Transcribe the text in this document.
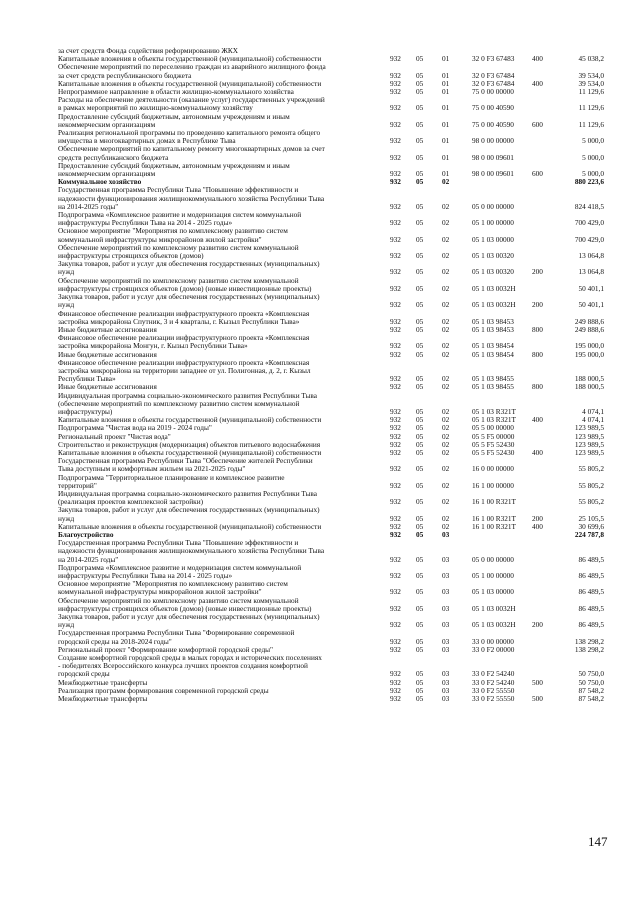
за счет средств Фонда содействия реформированию ЖКХ						
Капитальные вложения в объекты государственной (муниципальной) собственности	932	05	01	32 0 F3 67483	400	45 038,2
Обеспечение мероприятий по переселению граждан из аварийного жилищного фонда						
за счет средств республиканского бюджета	932	05	01	32 0 F3 67484		39 534,0
Капитальные вложения в объекты государственной (муниципальной) собственности	932	05	01	32 0 F3 67484	400	39 534,0
Непрограммное направление в области жилищно-коммунального хозяйства	932	05	01	75 0 00 00000		11 129,6
Расходы на обеспечение деятельности (оказание услуг) государственных учреждений						
в рамках мероприятий по жилищно-коммунальному хозяйству	932	05	01	75 0 00 40590		11 129,6
Предоставление субсидий бюджетным, автономным учреждениям и иным						
некоммерческим организациям	932	05	01	75 0 00 40590	600	11 129,6
Реализация региональной программы по проведению капитального ремонта общего						
имущества в многоквартирных домах в Республике Тыва	932	05	01	98 0 00 00000		5 000,0
Обеспечение мероприятий по капитальному ремонту многоквартирных домов за счет						
средств республиканского бюджета	932	05	01	98 0 00 09601		5 000,0
Предоставление субсидий бюджетным, автономным учреждениям и иным						
некоммерческим организациям	932	05	01	98 0 00 09601	600	5 000,0
Коммунальное хозяйство	932	05	02			880 223,6
Государственная программа Республики Тыва "Повышение эффективности и						
надежности функционирования жилищнокоммунального хозяйства Республики Тыва						
на 2014-2025 годы"	932	05	02	05 0 00 00000		824 418,5
Подпрограмма «Комплексное развитие и модернизация систем коммунальной						
инфраструктуры Республики Тыва на 2014 - 2025 годы»	932	05	02	05 1 00 00000		700 429,0
Основное мероприятие "Мероприятия по комплексному развитию систем						
коммунальной инфраструктуры микрорайонов жилой застройки"	932	05	02	05 1 03 00000		700 429,0
Обеспечение мероприятий по комплексному развитию систем коммунальной						
инфраструктуры строящихся объектов (домов)	932	05	02	05 1 03 00320		13 064,8
Закупка товаров, работ и услуг для обеспечения государственных (муниципальных)						
нужд	932	05	02	05 1 03 00320	200	13 064,8
Обеспечение мероприятий по комплексному развитию систем коммунальной						
инфраструктуры строящихся объектов (домов) (новые инвестиционные проекты)	932	05	02	05 1 03 0032Н		50 401,1
Закупка товаров, работ и услуг для обеспечения государственных (муниципальных)						
нужд	932	05	02	05 1 03 0032Н	200	50 401,1
Финансовое обеспечение реализации инфраструктурного проекта «Комплексная						
застройка микрорайона Спутник, 3 и 4 кварталы, г. Кызыл Республики Тыва»	932	05	02	05 1 03 98453		249 888,6
Иные бюджетные ассигнования	932	05	02	05 1 03 98453	800	249 888,6
Финансовое обеспечение реализации инфраструктурного проекта «Комплексная						
застройка микрорайона Монгун, г. Кызыл Республики Тыва»	932	05	02	05 1 03 98454		195 000,0
Иные бюджетные ассигнования	932	05	02	05 1 03 98454	800	195 000,0
Финансовое обеспечение реализации инфраструктурного проекта «Комплексная						
застройка микрорайона на территории западнее от ул. Полигонная, д. 2, г. Кызыл						
Республики Тыва»	932	05	02	05 1 03 98455		188 000,5
Иные бюджетные ассигнования	932	05	02	05 1 03 98455	800	188 000,5
Индивидуальная программа социально-экономического развития Республики Тыва						
(обеспечение мероприятий по комплексному развитию систем коммунальной						
инфраструктуры)	932	05	02	05 1 03 R321T		4 074,1
Капитальные вложения в объекты государственной (муниципальной) собственности	932	05	02	05 1 03 R321T	400	4 074,1
Подпрограмма "Чистая вода на 2019 - 2024 годы"	932	05	02	05 5 00 00000		123 989,5
Региональный проект "Чистая вода"	932	05	02	05 5 F5 00000		123 989,5
Строительство и реконструкция (модернизация) объектов питьевого водоснабжения	932	05	02	05 5 F5 52430		123 989,5
Капитальные вложения в объекты государственной (муниципальной) собственности	932	05	02	05 5 F5 52430	400	123 989,5
Государственная программа Республики Тыва "Обеспечение жителей Республики						
Тыва доступным и комфортным жильем на 2021-2025 годы"	932	05	02	16 0 00 00000		55 805,2
Подпрограмма "Территориальное планирование и комплексное развитие						
территорий"	932	05	02	16 1 00 00000		55 805,2
Индивидуальная программа социально-экономического развития Республики Тыва						
(реализация проектов комплексной застройки)	932	05	02	16 1 00 R321T		55 805,2
Закупка товаров, работ и услуг для обеспечения государственных (муниципальных)						
нужд	932	05	02	16 1 00 R321T	200	25 105,5
Капитальные вложения в объекты государственной (муниципальной) собственности	932	05	02	16 1 00 R321T	400	30 699,6
Благоустройство	932	05	03			224 787,8
Государственная программа Республики Тыва "Повышение эффективности и						
надежности функционирования жилищнокоммунального хозяйства Республики Тыва						
на 2014-2025 годы"	932	05	03	05 0 00 00000		86 489,5
Подпрограмма «Комплексное развитие и модернизация систем коммунальной						
инфраструктуры Республики Тыва на 2014 - 2025 годы»	932	05	03	05 1 00 00000		86 489,5
Основное мероприятие "Мероприятия по комплексному развитию систем						
коммунальной инфраструктуры микрорайонов жилой застройки"	932	05	03	05 1 03 00000		86 489,5
Обеспечение мероприятий по комплексному развитию систем коммунальной						
инфраструктуры строящихся объектов (домов) (новые инвестиционные проекты)	932	05	03	05 1 03 0032Н		86 489,5
Закупка товаров, работ и услуг для обеспечения государственных (муниципальных)						
нужд	932	05	03	05 1 03 0032Н	200	86 489,5
Государственная программа Республики Тыва "Формирование современной						
городской среды на 2018-2024 годы"	932	05	03	33 0 00 00000		138 298,2
Региональный проект "Формирование комфортной городской среды"	932	05	03	33 0 F2 00000		138 298,2
Создание комфортной городской среды в малых городах и исторических поселениях						
- победителях Всероссийского конкурса лучших проектов создания комфортной						
городской среды	932	05	03	33 0 F2 54240		50 750,0
Межбюджетные трансферты	932	05	03	33 0 F2 54240	500	50 750,0
Реализация программ формирования современной городской среды	932	05	03	33 0 F2 55550		87 548,2
Межбюджетные трансферты	932	05	03	33 0 F2 55550	500	87 548,2
147
